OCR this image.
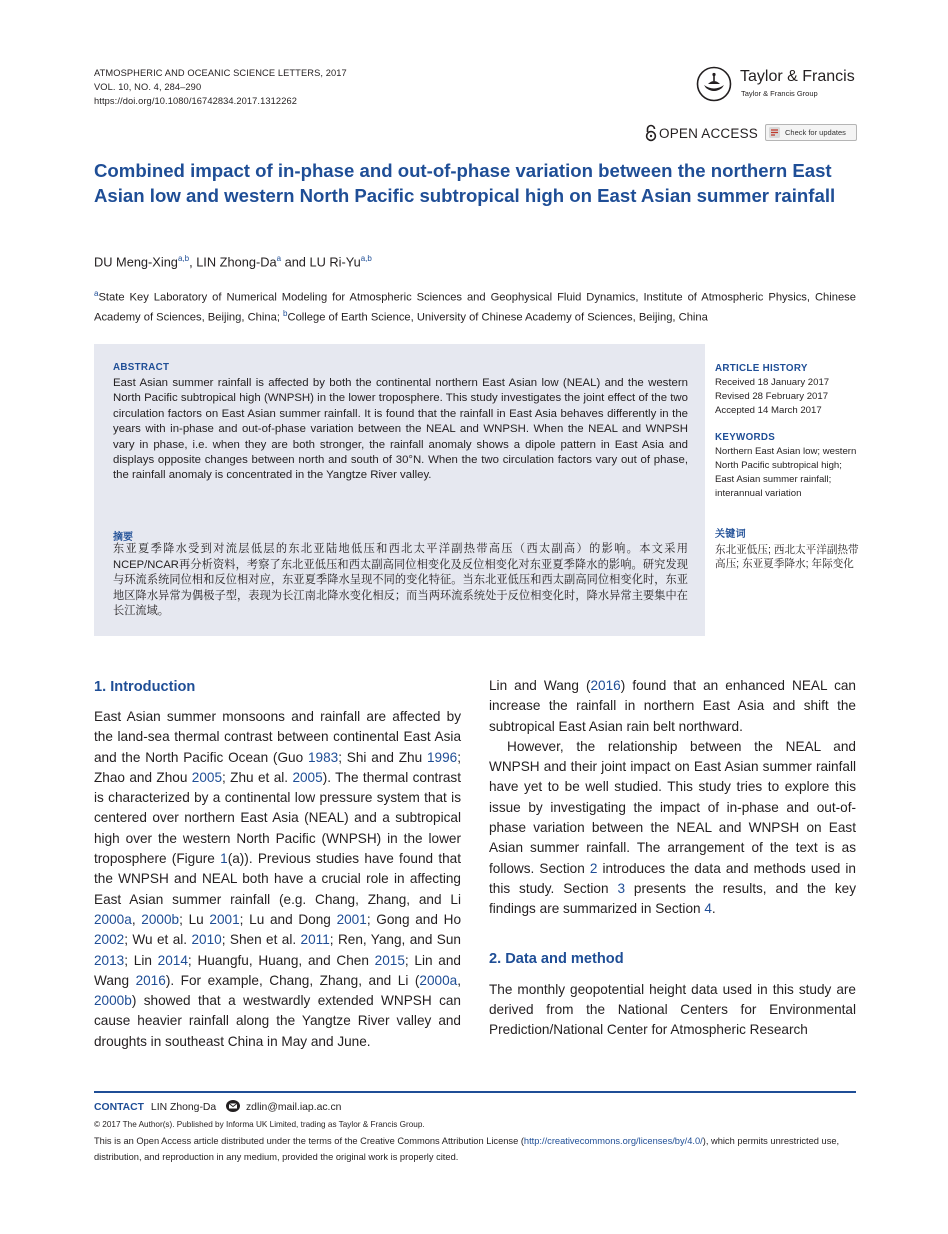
ATMOSPHERIC AND OCEANIC SCIENCE LETTERS, 2017
VOL. 10, NO. 4, 284–290
https://doi.org/10.1080/16742834.2017.1312262
Taylor & Francis
Taylor & Francis Group
OPEN ACCESS	Check for updates
Combined impact of in-phase and out-of-phase variation between the northern East Asian low and western North Pacific subtropical high on East Asian summer rainfall
DU Meng-Xing$^{a,b}$, LIN Zhong-Da$^a$ and LU Ri-Yu$^{a,b}$
$^a$State Key Laboratory of Numerical Modeling for Atmospheric Sciences and Geophysical Fluid Dynamics, Institute of Atmospheric Physics, Chinese Academy of Sciences, Beijing, China; $^b$College of Earth Science, University of Chinese Academy of Sciences, Beijing, China
ABSTRACT
East Asian summer rainfall is affected by both the continental northern East Asian low (NEAL) and the western North Pacific subtropical high (WNPSH) in the lower troposphere. This study investigates the joint effect of the two circulation factors on East Asian summer rainfall. It is found that the rainfall in East Asia behaves differently in the years with in-phase and out-of-phase variation between the NEAL and WNPSH. When the NEAL and WNPSH vary in phase, i.e. when they are both stronger, the rainfall anomaly shows a dipole pattern in East Asia and displays opposite changes between north and south of 30°N. When the two circulation factors vary out of phase, the rainfall anomaly is concentrated in the Yangtze River valley.
摘要
东亚夏季降水受到对流层低层的东北亚陆地低压和西北太平洋副热带高压（西太副高）的影响。本文采用NCEP/NCAR再分析资料，考察了东北亚低压和西太副高同位相变化及反位相变化对东亚夏季降水的影响。研究发现与环流系统同位相和反位相对应，东亚夏季降水呈现不同的变化特征。当东北亚低压和西太副高同位相变化时，东亚地区降水异常为偶极子型，表现为长江南北降水变化相反；而当两环流系统处于反位相变化时，降水异常主要集中在长江流域。
ARTICLE HISTORY
Received 18 January 2017
Revised 28 February 2017
Accepted 14 March 2017
KEYWORDS
Northern East Asian low; western North Pacific subtropical high; East Asian summer rainfall; interannual variation
关键词
东北亚低压; 西北太平洋副热带高压; 东亚夏季降水; 年际变化
1. Introduction

East Asian summer monsoons and rainfall are affected by the land-sea thermal contrast between continental East Asia and the North Pacific Ocean (Guo 1983; Shi and Zhu 1996; Zhao and Zhou 2005; Zhu et al. 2005). The thermal contrast is characterized by a continental low pressure system that is centered over northern East Asia (NEAL) and a subtropical high over the western North Pacific (WNPSH) in the lower troposphere (Figure 1(a)). Previous studies have found that the WNPSH and NEAL both have a crucial role in affecting East Asian summer rainfall (e.g. Chang, Zhang, and Li 2000a, 2000b; Lu 2001; Lu and Dong 2001; Gong and Ho 2002; Wu et al. 2010; Shen et al. 2011; Ren, Yang, and Sun 2013; Lin 2014; Huangfu, Huang, and Chen 2015; Lin and Wang 2016). For example, Chang, Zhang, and Li (2000a, 2000b) showed that a westwardly extended WNPSH can cause heavier rainfall along the Yangtze River valley and droughts in southeast China in May and June.

Lin and Wang (2016) found that an enhanced NEAL can increase the rainfall in northern East Asia and shift the subtropical East Asian rain belt northward.

However, the relationship between the NEAL and WNPSH and their joint impact on East Asian summer rainfall have yet to be well studied. This study tries to explore this issue by investigating the impact of in-phase and out-of-phase variation between the NEAL and WNPSH on East Asian summer rainfall. The arrangement of the text is as follows. Section 2 introduces the data and methods used in this study. Section 3 presents the results, and the key findings are summarized in Section 4.

2. Data and method

The monthly geopotential height data used in this study are derived from the National Centers for Environmental Prediction/National Center for Atmospheric Research

CONTACT LIN Zhong-Da	zdlin@mail.iap.ac.cn
© 2017 The Author(s). Published by Informa UK Limited, trading as Taylor & Francis Group.
This is an Open Access article distributed under the terms of the Creative Commons Attribution License (http://creativecommons.org/licenses/by/4.0/), which permits unrestricted use, distribution, and reproduction in any medium, provided the original work is properly cited.
